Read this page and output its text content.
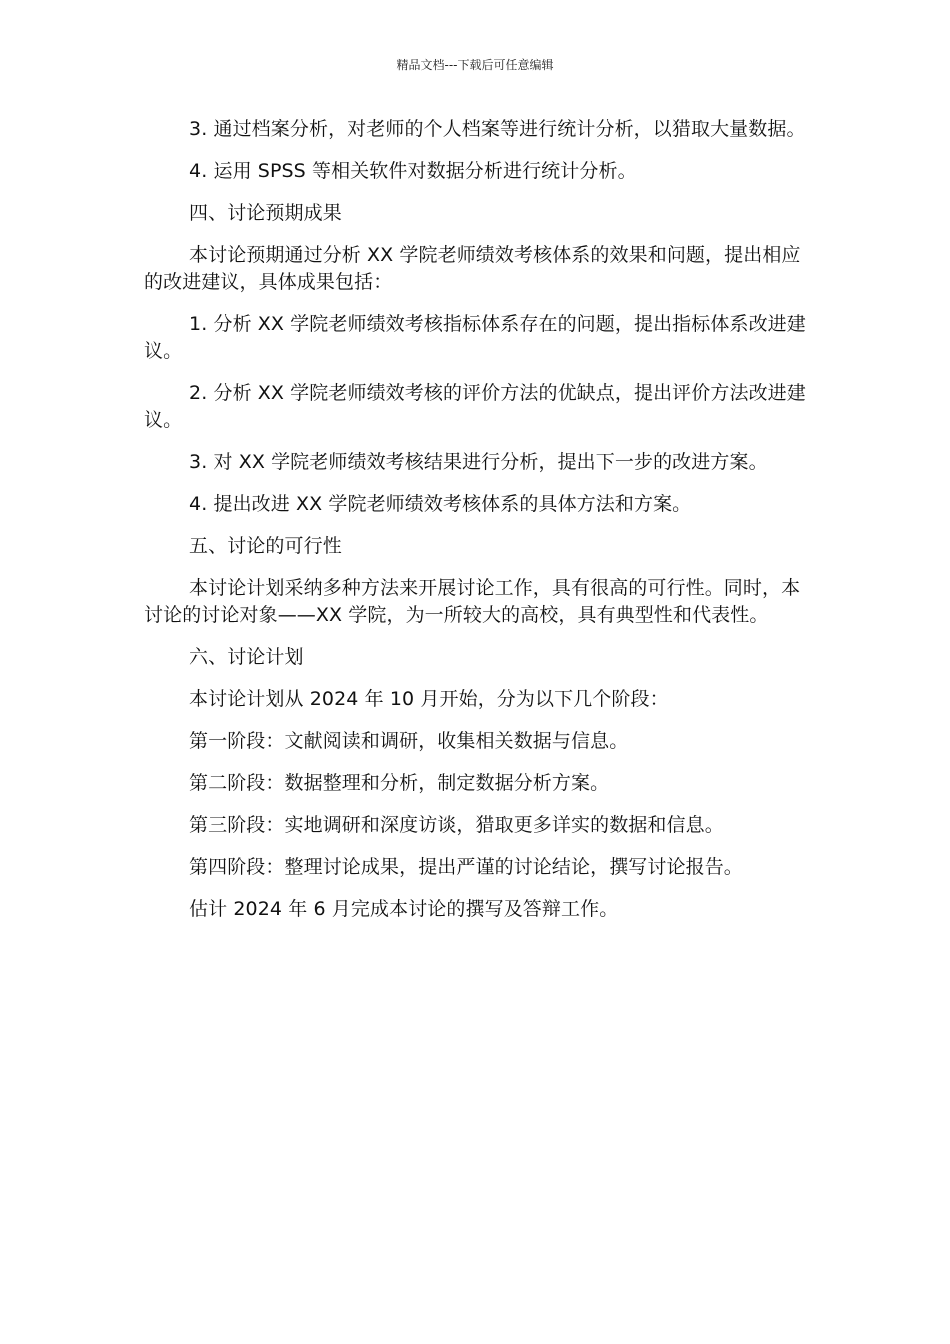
精品文档---下载后可任意编辑

3. 通过档案分析，对老师的个人档案等进行统计分析，以猎取大量数据。

4. 运用 SPSS 等相关软件对数据分析进行统计分析。

四、讨论预期成果

本讨论预期通过分析 XX 学院老师绩效考核体系的效果和问题，提出相应的改进建议，具体成果包括：

1. 分析 XX 学院老师绩效考核指标体系存在的问题，提出指标体系改进建议。

2. 分析 XX 学院老师绩效考核的评价方法的优缺点，提出评价方法改进建议。

3. 对 XX 学院老师绩效考核结果进行分析，提出下一步的改进方案。

4. 提出改进 XX 学院老师绩效考核体系的具体方法和方案。

五、讨论的可行性

本讨论计划采纳多种方法来开展讨论工作，具有很高的可行性。同时，本讨论的讨论对象——XX 学院，为一所较大的高校，具有典型性和代表性。

六、讨论计划

本讨论计划从 2024 年 10 月开始，分为以下几个阶段：

第一阶段：文献阅读和调研，收集相关数据与信息。

第二阶段：数据整理和分析，制定数据分析方案。

第三阶段：实地调研和深度访谈，猎取更多详实的数据和信息。

第四阶段：整理讨论成果，提出严谨的讨论结论，撰写讨论报告。

估计 2024 年 6 月完成本讨论的撰写及答辩工作。
